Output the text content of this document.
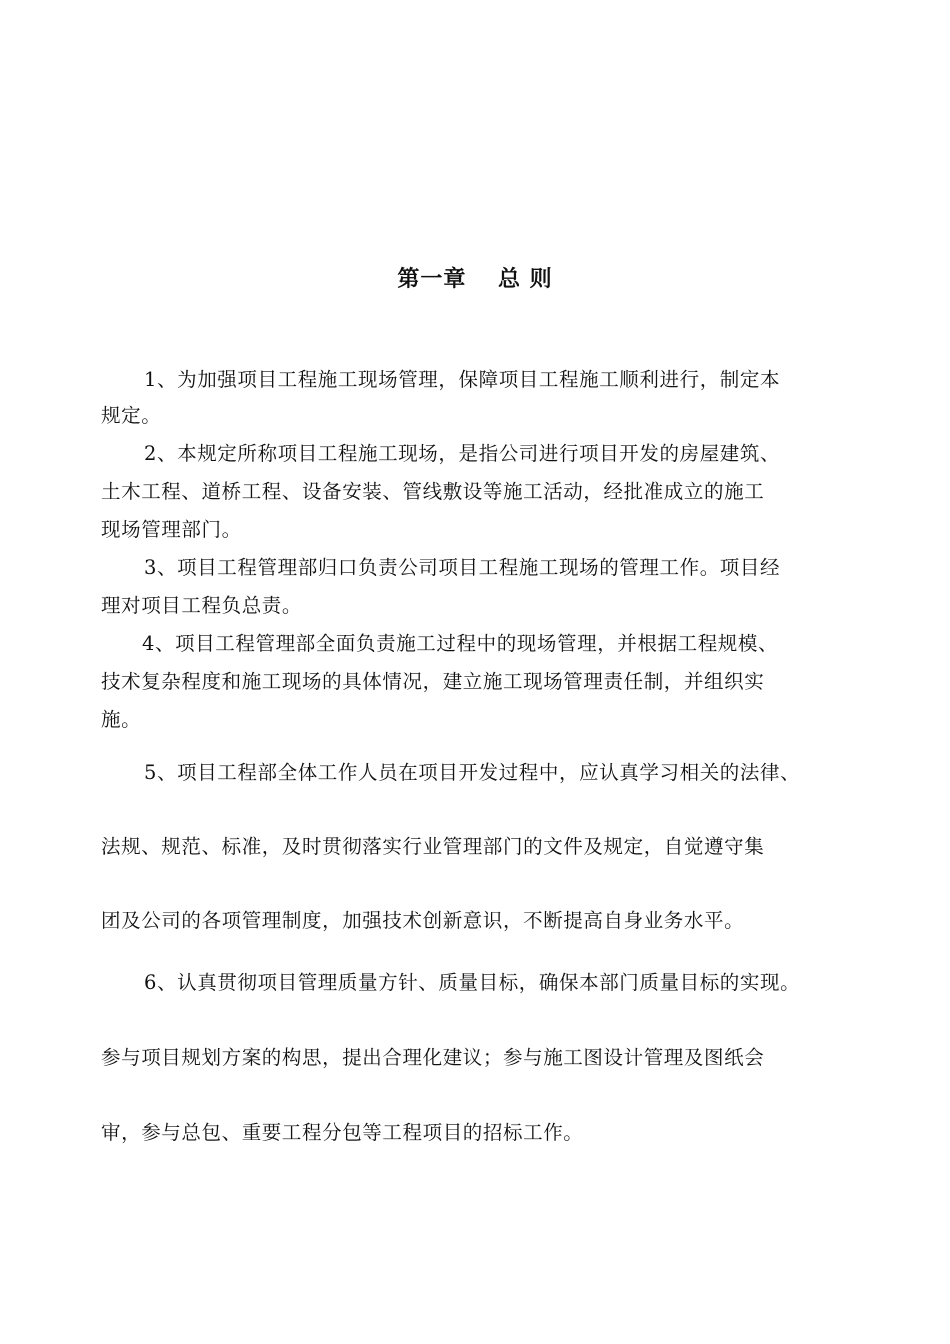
第一章　 总 则
1、为加强项目工程施工现场管理，保障项目工程施工顺利进行，制定本
规定。
2、本规定所称项目工程施工现场，是指公司进行项目开发的房屋建筑、
土木工程、道桥工程、设备安装、管线敷设等施工活动，经批准成立的施工
现场管理部门。
3、项目工程管理部归口负责公司项目工程施工现场的管理工作。项目经
理对项目工程负总责。
4、项目工程管理部全面负责施工过程中的现场管理，并根据工程规模、
技术复杂程度和施工现场的具体情况，建立施工现场管理责任制，并组织实
施。
5、项目工程部全体工作人员在项目开发过程中，应认真学习相关的法律、
法规、规范、标准，及时贯彻落实行业管理部门的文件及规定，自觉遵守集
团及公司的各项管理制度，加强技术创新意识，不断提高自身业务水平。
6、认真贯彻项目管理质量方针、质量目标，确保本部门质量目标的实现。
参与项目规划方案的构思，提出合理化建议；参与施工图设计管理及图纸会
审，参与总包、重要工程分包等工程项目的招标工作。
